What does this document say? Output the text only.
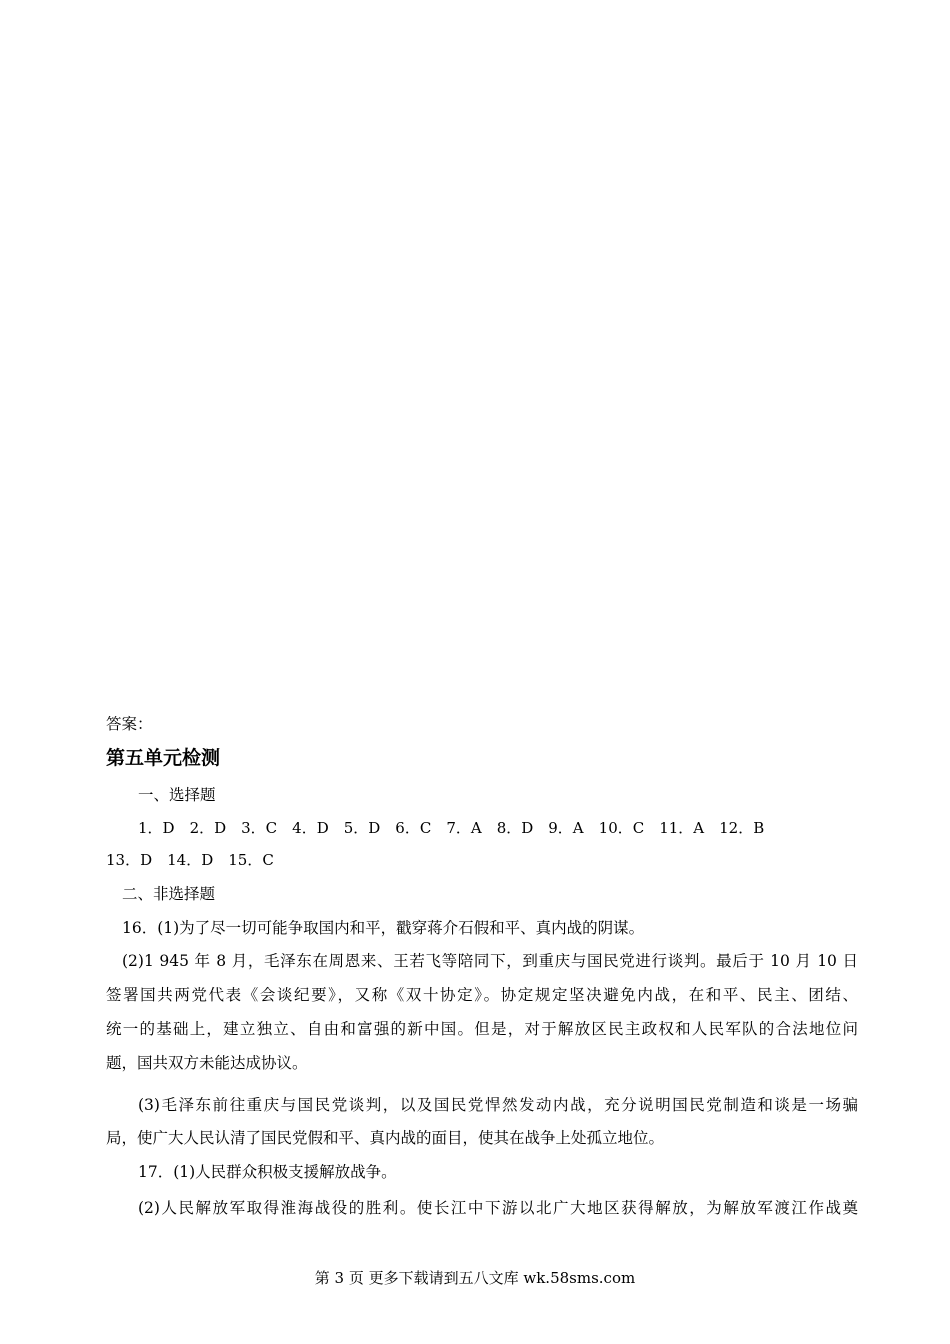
答案：
第五单元检测
一、选择题
1．D　2．D　3．C　4．D　5．D　6．C　7．A　8．D　9．A　10．C　11．A　12．B
13．D　14．D　15．C
二、非选择题
16．(1)为了尽一切可能争取国内和平，戳穿蒋介石假和平、真内战的阴谋。
(2)1 945 年 8 月，毛泽东在周恩来、王若飞等陪同下，到重庆与国民党进行谈判。最后于 10 月 10 日
签署国共两党代表《会谈纪要》，又称《双十协定》。协定规定坚决避免内战，在和平、民主、团结、
统一的基础上，建立独立、自由和富强的新中国。但是，对于解放区民主政权和人民军队的合法地位问
题，国共双方未能达成协议。
(3)毛泽东前往重庆与国民党谈判，以及国民党悍然发动内战，充分说明国民党制造和谈是一场骗
局，使广大人民认清了国民党假和平、真内战的面目，使其在战争上处孤立地位。
17．(1)人民群众积极支援解放战争。
(2)人民解放军取得淮海战役的胜利。使长江中下游以北广大地区获得解放，为解放军渡江作战奠
第 3 页 更多下载请到五八文库 wk.58sms.com
